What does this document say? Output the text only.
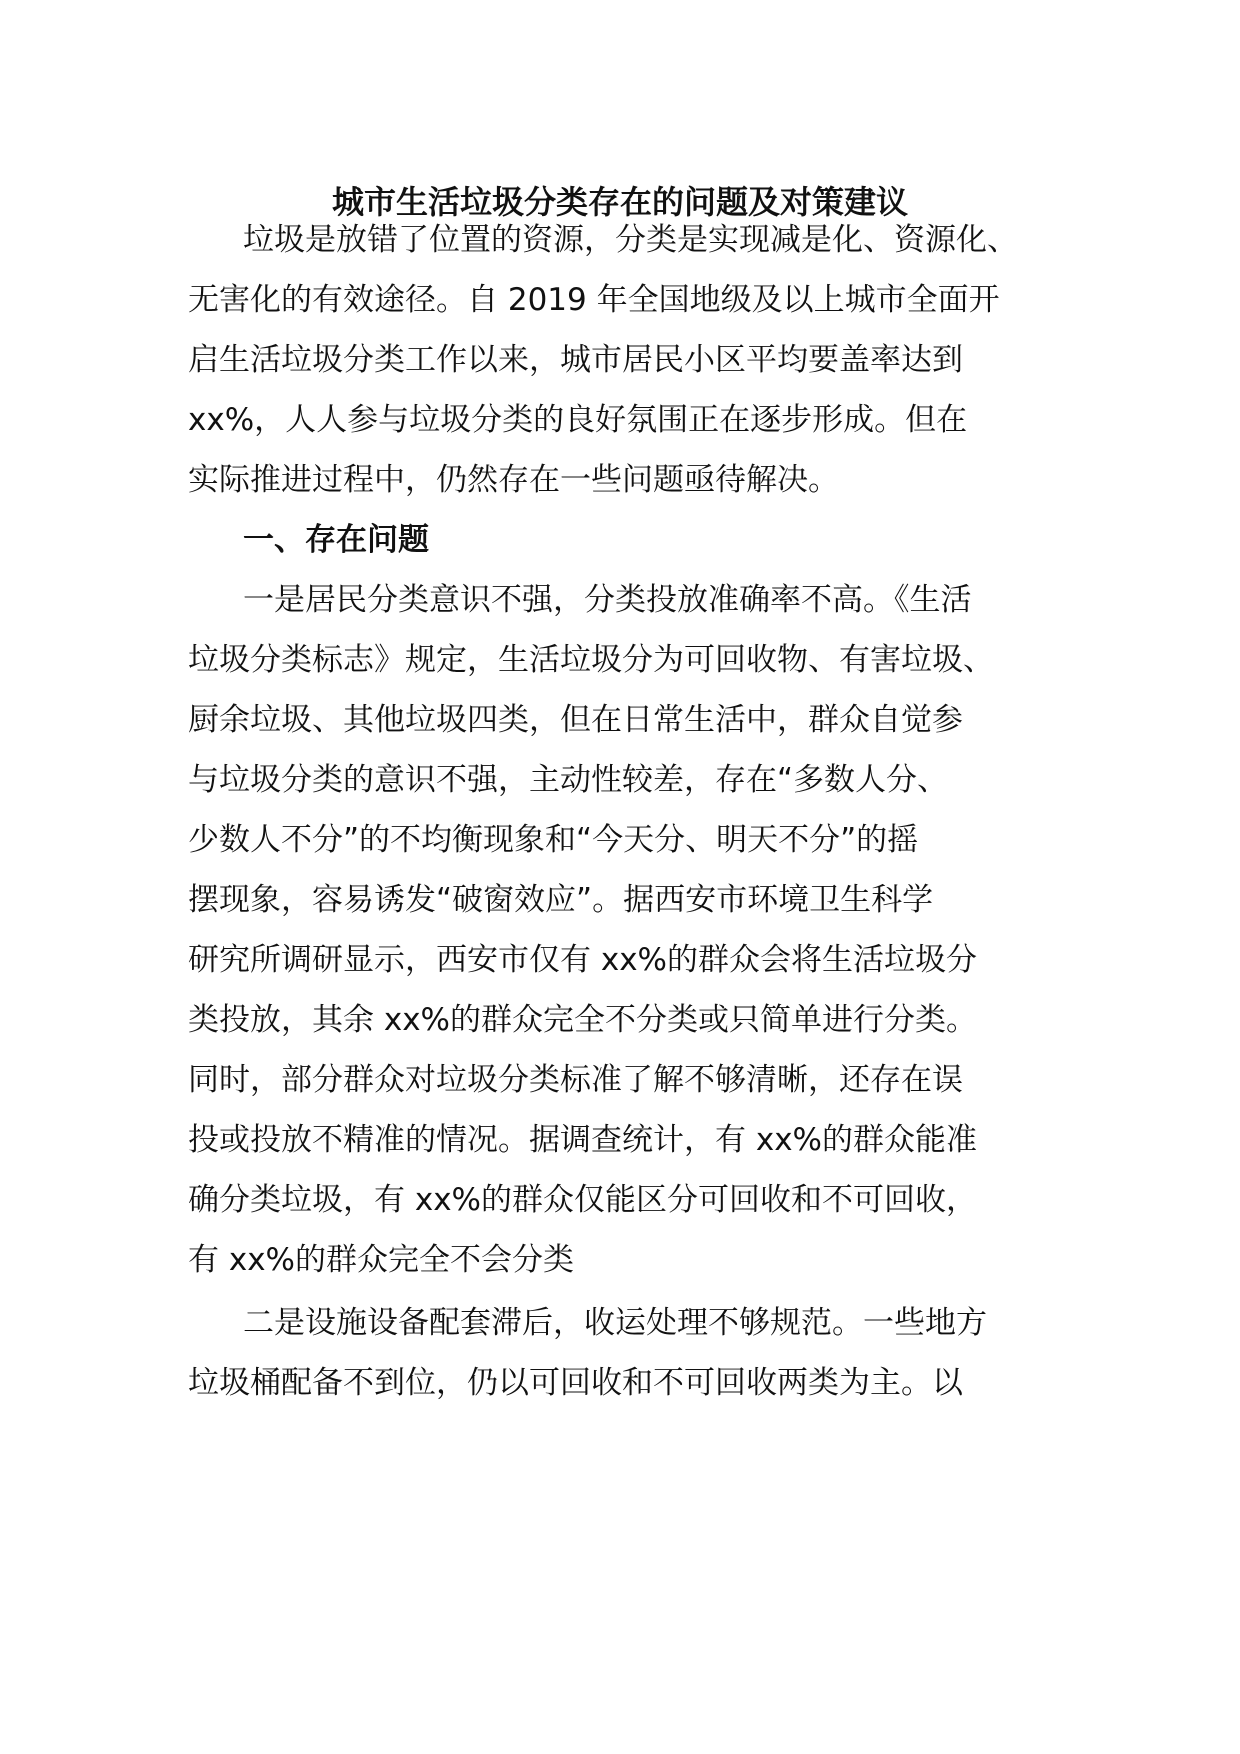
城市生活垃圾分类存在的问题及对策建议
垃圾是放错了位置的资源，分类是实现减是化、资源化、
无害化的有效途径。自 2019 年全国地级及以上城市全面开
启生活垃圾分类工作以来，城市居民小区平均要盖率达到
xx%，人人参与垃圾分类的良好氛围正在逐步形成。但在
实际推进过程中，仍然存在一些问题亟待解决。
一、存在问题
一是居民分类意识不强，分类投放准确率不高。《生活
垃圾分类标志》规定，生活垃圾分为可回收物、有害垃圾、
厨余垃圾、其他垃圾四类，但在日常生活中，群众自觉参
与垃圾分类的意识不强，主动性较差，存在“多数人分、
少数人不分”的不均衡现象和“今天分、明天不分”的摇
摆现象，容易诱发“破窗效应”。据西安市环境卫生科学
研究所调研显示，西安市仅有 xx%的群众会将生活垃圾分
类投放，其余 xx%的群众完全不分类或只简单进行分类。
同时，部分群众对垃圾分类标准了解不够清晰，还存在误
投或投放不精准的情况。据调查统计，有 xx%的群众能准
确分类垃圾，有 xx%的群众仅能区分可回收和不可回收，
有 xx%的群众完全不会分类
二是设施设备配套滞后，收运处理不够规范。一些地方
垃圾桶配备不到位，仍以可回收和不可回收两类为主。以
